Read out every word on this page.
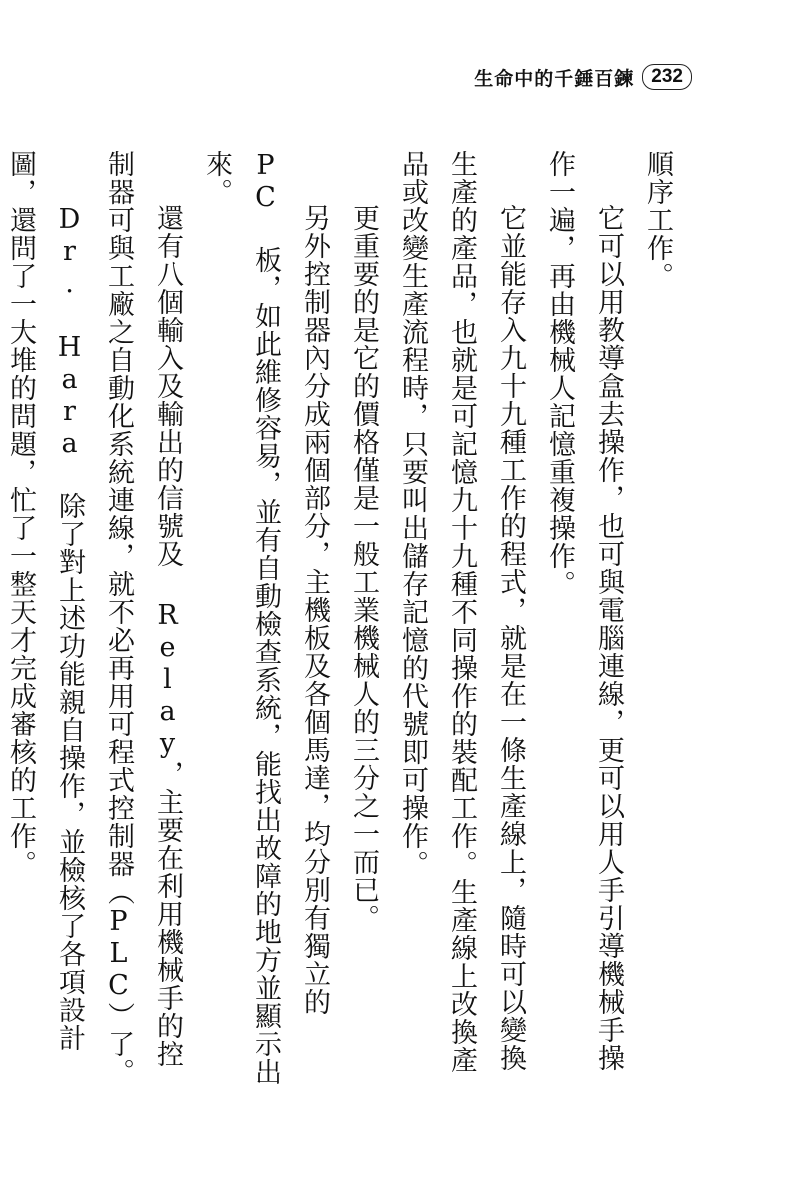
生命中的千錘百鍊 232

順序工作。

它可以用教導盒去操作，也可與電腦連線，更可以用人手引導機械手操作一遍，再由機械人記憶重複操作。

它並能存入九十九種工作的程式，就是在一條生產線上，隨時可以變換生產的產品，也就是可記憶九十九種不同操作的裝配工作。生產線上改換產品或改變生產流程時，只要叫出儲存記憶的代號即可操作。

更重要的是它的價格僅是一般工業機械人的三分之一而已。

另外控制器內分成兩個部分，主機板及各個馬達，均分別有獨立的 PC 板，如此維修容易，並有自動檢查系統，能找出故障的地方並顯示出來。

還有八個輸入及輸出的信號及 Relay，主要在利用機械手的控制器可與工廠之自動化系統連線，就不必再用可程式控制器（PLC）了。

Dr. Hara 除了對上述功能親自操作，並檢核了各項設計圖，還問了一大堆的問題，忙了一整天才完成審核的工作。
